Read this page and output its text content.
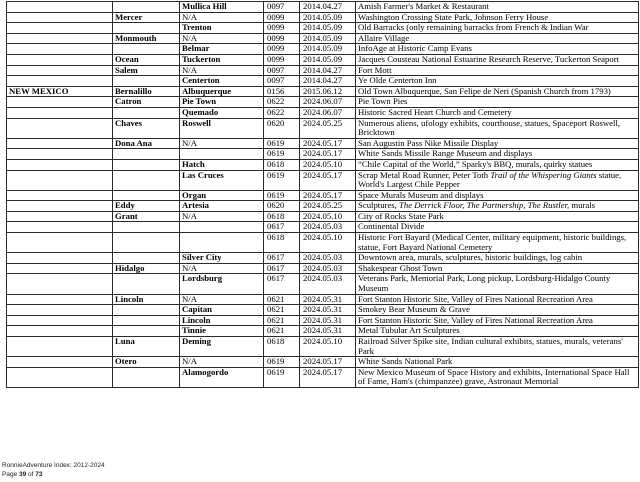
		Mullica Hill	0097	2014.04.27	Amish Farmer's Market & Restaurant
	Mercer	N/A	0099	2014.05.09	Washington Crossing State Park, Johnson Ferry House
		Trenton	0099	2014.05.09	Old Barracks (only remaining barracks from French & Indian War
	Monmouth	N/A	0099	2014.05.09	Allaire Village
		Belmar	0099	2014.05.09	InfoAge at Historic Camp Evans
	Ocean	Tuckerton	0099	2014.05.09	Jacques Cousteau National Estuarine Research Reserve, Tuckerton Seaport
	Salem	N/A	0097	2014.04.27	Fort Mott
		Centerton	0097	2014.04.27	Ye Olde Centerton Inn
NEW MEXICO	Bernalillo	Albuquerque	0156	2015.06.12	Old Town Albuquerque, San Felipe de Neri (Spanish Church from 1793)
	Catron	Pie Town	0622	2024.06.07	Pie Town Pies
		Quemado	0622	2024.06.07	Historic Sacred Heart Church and Cemetery
	Chaves	Roswell	0620	2024.05.25	Numerous aliens, ufology exhibits, courthouse, statues, Spaceport Roswell, Bricktown
	Dona Ana	N/A	0619	2024.05.17	San Augustin Pass Nike Missile Display
			0619	2024.05.17	White Sands Missile Range Museum and displays
		Hatch	0618	2024.05.10	“Chile Capital of the World,” Sparky's BBQ, murals, quirky statues
		Las Cruces	0619	2024.05.17	Scrap Metal Road Runner, Peter Toth Trail of the Whispering Giants statue, World's Largest Chile Pepper
		Organ	0619	2024.05.17	Space Murals Museum and displays
	Eddy	Artesia	0620	2024.05.25	Sculptures, The Derrick Floor, The Partnership, The Rustler, murals
	Grant	N/A	0618	2024.05.10	City of Rocks State Park
			0617	2024.05.03	Continental Divide
			0618	2024.05.10	Historic Fort Bayard (Medical Center, military equipment, historic buildings, statue, Fort Bayard National Cemetery
		Silver City	0617	2024.05.03	Downtown area, murals, sculptures, historic buildings, log cabin
	Hidalgo	N/A	0617	2024.05.03	Shakespear Ghost Town
		Lordsburg	0617	2024.05.03	Veterans Park, Memorial Park, Long pickup, Lordsburg-Hidalgo County Museum
	Lincoln	N/A	0621	2024.05.31	Fort Stanton Historic Site, Valley of Fires National Recreation Area
		Capitan	0621	2024.05.31	Smokey Bear Museum & Grave
		Lincoln	0621	2024.05.31	Fort Stanton Historic Site, Valley of Fires National Recreation Area
		Tinnie	0621	2024.05.31	Metal Tubular Art Sculptures
	Luna	Deming	0618	2024.05.10	Railroad Silver Spike site, Indian cultural exhibits, statues, murals, veterans' Park
	Otero	N/A	0619	2024.05.17	White Sands National Park
		Alamogordo	0619	2024.05.17	New Mexico Museum of Space History and exhibits, International Space Hall of Fame, Ham's (chimpanzee) grave, Astronaut Memorial
RonnieAdventure Index: 2012-2024
Page 39 of 73
